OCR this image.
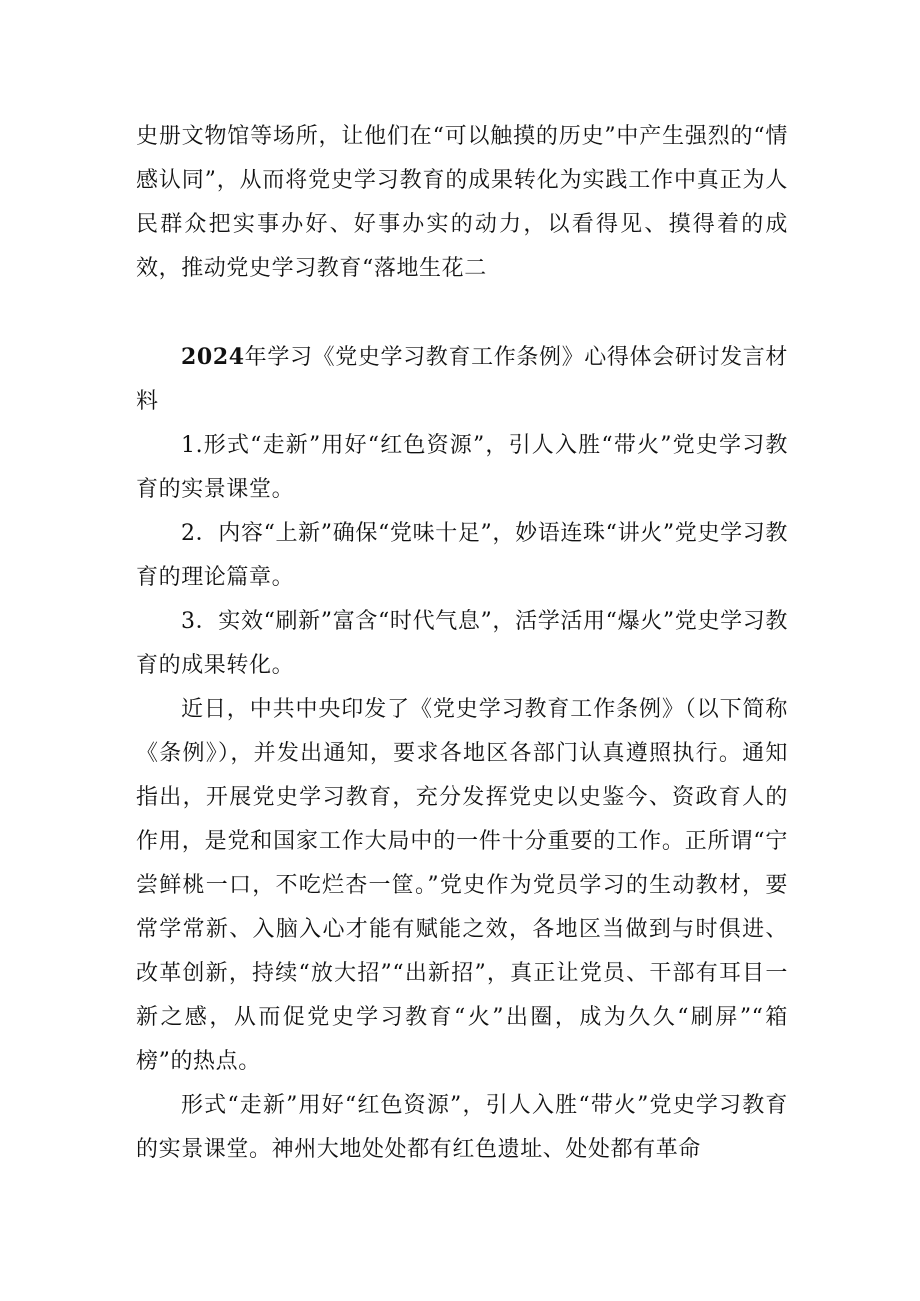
史册文物馆等场所，让他们在“可以触摸的历史”中产生强烈的“情感认同”，从而将党史学习教育的成果转化为实践工作中真正为人民群众把实事办好、好事办实的动力，以看得见、摸得着的成效，推动党史学习教育“落地生花二

2024年学习《党史学习教育工作条例》心得体会研讨发言材料

1.形式“走新”用好“红色资源”，引人入胜“带火”党史学习教育的实景课堂。

2．内容“上新”确保“党味十足”，妙语连珠“讲火”党史学习教育的理论篇章。

3．实效“刷新”富含“时代气息”，活学活用“爆火”党史学习教育的成果转化。

近日，中共中央印发了《党史学习教育工作条例》（以下简称《条例》），并发出通知，要求各地区各部门认真遵照执行。通知指出，开展党史学习教育，充分发挥党史以史鉴今、资政育人的作用，是党和国家工作大局中的一件十分重要的工作。正所谓“宁尝鲜桃一口，不吃烂杏一筐。”党史作为党员学习的生动教材，要常学常新、入脑入心才能有赋能之效，各地区当做到与时俱进、改革创新，持续“放大招”“出新招”，真正让党员、干部有耳目一新之感，从而促党史学习教育“火”出圈，成为久久“刷屏”“箱榜”的热点。

形式“走新”用好“红色资源”，引人入胜“带火”党史学习教育的实景课堂。神州大地处处都有红色遗址、处处都有革命
